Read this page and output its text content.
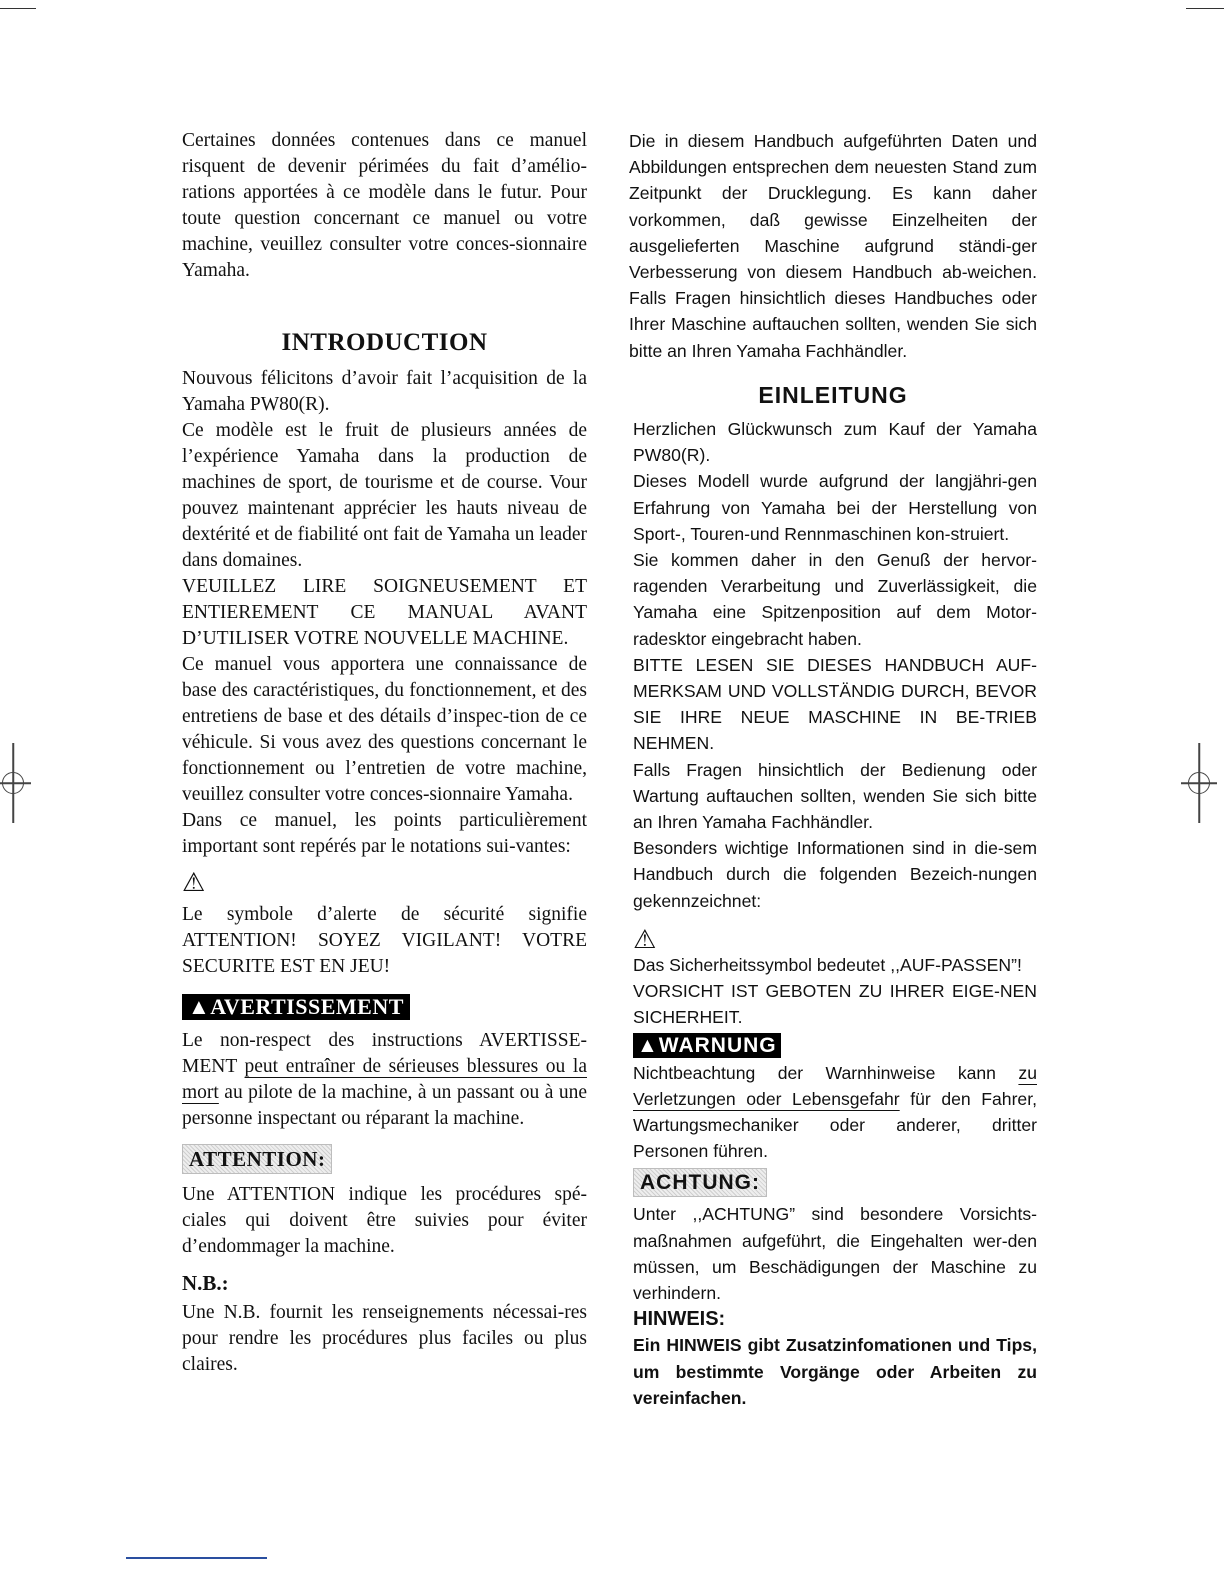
Certaines données contenues dans ce manuel risquent de devenir périmées du fait d’amélio-rations apportées à ce modèle dans le futur. Pour toute question concernant ce manuel ou votre machine, veuillez consulter votre conces-sionnaire Yamaha.

INTRODUCTION

Nouvous félicitons d’avoir fait l’acquisition de la Yamaha PW80(R).

Ce modèle est le fruit de plusieurs années de l’expérience Yamaha dans la production de machines de sport, de tourisme et de course. Vour pouvez maintenant apprécier les hauts niveau de dextérité et de fiabilité ont fait de Yamaha un leader dans domaines.

VEUILLEZ LIRE SOIGNEUSEMENT ET ENTIEREMENT CE MANUAL AVANT D’UTILISER VOTRE NOUVELLE MACHINE.

Ce manuel vous apportera une connaissance de base des caractéristiques, du fonctionnement, et des entretiens de base et des détails d’inspec-tion de ce véhicule. Si vous avez des questions concernant le fonctionnement ou l’entretien de votre machine, veuillez consulter votre conces-sionnaire Yamaha.

Dans ce manuel, les points particulièrement important sont repérés par le notations sui-vantes:

⚠

Le symbole d’alerte de sécurité signifie ATTENTION! SOYEZ VIGILANT! VOTRE SECURITE EST EN JEU!

▲AVERTISSEMENT

Le non-respect des instructions AVERTISSE-MENT peut entraîner de sérieuses blessures ou la mort au pilote de la machine, à un passant ou à une personne inspectant ou réparant la machine.

ATTENTION:

Une ATTENTION indique les procédures spé-ciales qui doivent être suivies pour éviter d’endommager la machine.

N.B.:

Une N.B. fournit les renseignements nécessai-res pour rendre les procédures plus faciles ou plus claires.

Die in diesem Handbuch aufgeführten Daten und Abbildungen entsprechen dem neuesten Stand zum Zeitpunkt der Drucklegung. Es kann daher vorkommen, daß gewisse Einzelheiten der ausgelieferten Maschine aufgrund ständi-ger Verbesserung von diesem Handbuch ab-weichen. Falls Fragen hinsichtlich dieses Handbuches oder Ihrer Maschine auftauchen sollten, wenden Sie sich bitte an Ihren Yamaha Fachhändler.

EINLEITUNG

Herzlichen Glückwunsch zum Kauf der Yamaha PW80(R).

Dieses Modell wurde aufgrund der langjähri-gen Erfahrung von Yamaha bei der Herstellung von Sport-, Touren-und Rennmaschinen kon-struiert.

Sie kommen daher in den Genuß der hervor-ragenden Verarbeitung und Zuverlässigkeit, die Yamaha eine Spitzenposition auf dem Motor-radesktor eingebracht haben.

BITTE LESEN SIE DIESES HANDBUCH AUF-MERKSAM UND VOLLSTÄNDIG DURCH, BEVOR SIE IHRE NEUE MASCHINE IN BE-TRIEB NEHMEN.

Falls Fragen hinsichtlich der Bedienung oder Wartung auftauchen sollten, wenden Sie sich bitte an Ihren Yamaha Fachhändler.

Besonders wichtige Informationen sind in die-sem Handbuch durch die folgenden Bezeich-nungen gekennzeichnet:

⚠

Das Sicherheitssymbol bedeutet ,,AUF-PASSEN”!

VORSICHT IST GEBOTEN ZU IHRER EIGE-NEN SICHERHEIT.

▲WARNUNG

Nichtbeachtung der Warnhinweise kann zu Verletzungen oder Lebensgefahr für den Fahrer, Wartungsmechaniker oder anderer, dritter Personen führen.

ACHTUNG:

Unter ,,ACHTUNG” sind besondere Vorsichts-maßnahmen aufgeführt, die Eingehalten wer-den müssen, um Beschädigungen der Maschine zu verhindern.

HINWEIS:

Ein HINWEIS gibt Zusatzinfomationen und Tips, um bestimmte Vorgänge oder Arbeiten zu vereinfachen.
